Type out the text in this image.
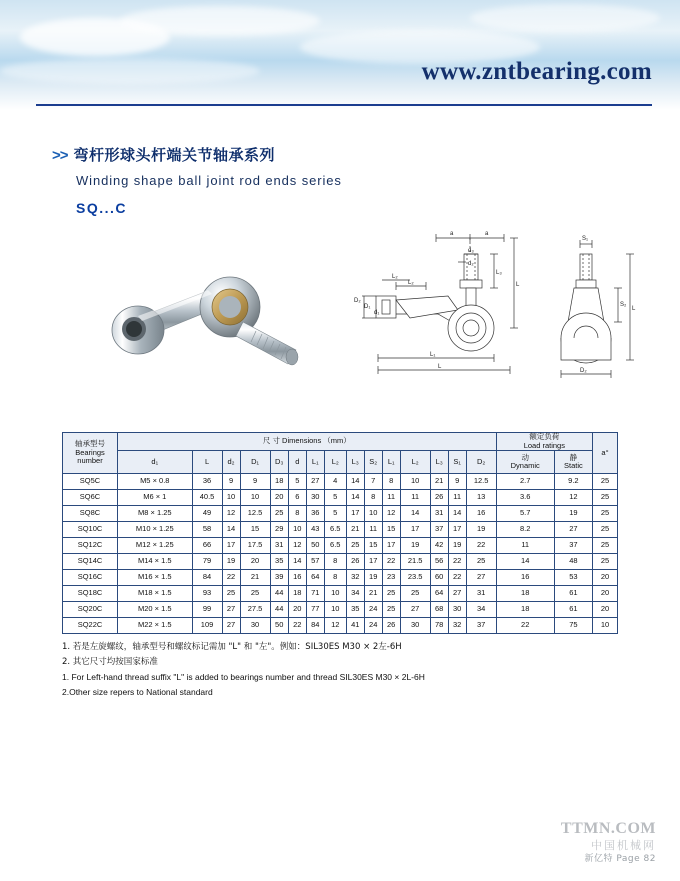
www.zntbearing.com
>> 弯杆形球头杆端关节轴承系列
Winding shape ball joint rod ends series
SQ...C
a	a
d₃
d₂
L₃
L
L₁
L
D₂
D₁
d₁
L₂
L₂
S₁
S₂
L
D₂
轴承型号
Bearings
number
	尺 寸 Dimensions （mm）	额定负荷
Load ratings
	a°
d₁	L	d₂	D₁	D₃	d	L₁	L₂	L₃	S₂	L₁	L₂	L₃	S₁	D₂	动
Dynamic

静
Static

SQ5C	M5 × 0.8	36	9	9	18	5	27	4	14	7	8	10	21	9	12.5	2.7	9.2	25
SQ6C	M6 × 1	40.5	10	10	20	6	30	5	14	8	11	11	26	11	13	3.6	12	25
SQ8C	M8 × 1.25	49	12	12.5	25	8	36	5	17	10	12	14	31	14	16	5.7	19	25
SQ10C	M10 × 1.25	58	14	15	29	10	43	6.5	21	11	15	17	37	17	19	8.2	27	25
SQ12C	M12 × 1.25	66	17	17.5	31	12	50	6.5	25	15	17	19	42	19	22	11	37	25
SQ14C	M14 × 1.5	79	19	20	35	14	57	8	26	17	22	21.5	56	22	25	14	48	25
SQ16C	M16 × 1.5	84	22	21	39	16	64	8	32	19	23	23.5	60	22	27	16	53	20
SQ18C	M18 × 1.5	93	25	25	44	18	71	10	34	21	25	25	64	27	31	18	61	20
SQ20C	M20 × 1.5	99	27	27.5	44	20	77	10	35	24	25	27	68	30	34	18	61	20
SQ22C	M22 × 1.5	109	27	30	50	22	84	12	41	24	26	30	78	32	37	22	75	10
1. 若是左旋螺纹，轴承型号和螺纹标记需加 "L" 和 "左"。例如：SIL30ES M30 × 2左-6H
2. 其它尺寸均按国家标准
1. For Left-hand thread suffix "L" is added to bearings number and thread SIL30ES M30 × 2L-6H
2.Other size repers to National standard
TTMN.COM
中国机械网
新亿特 Page 82
